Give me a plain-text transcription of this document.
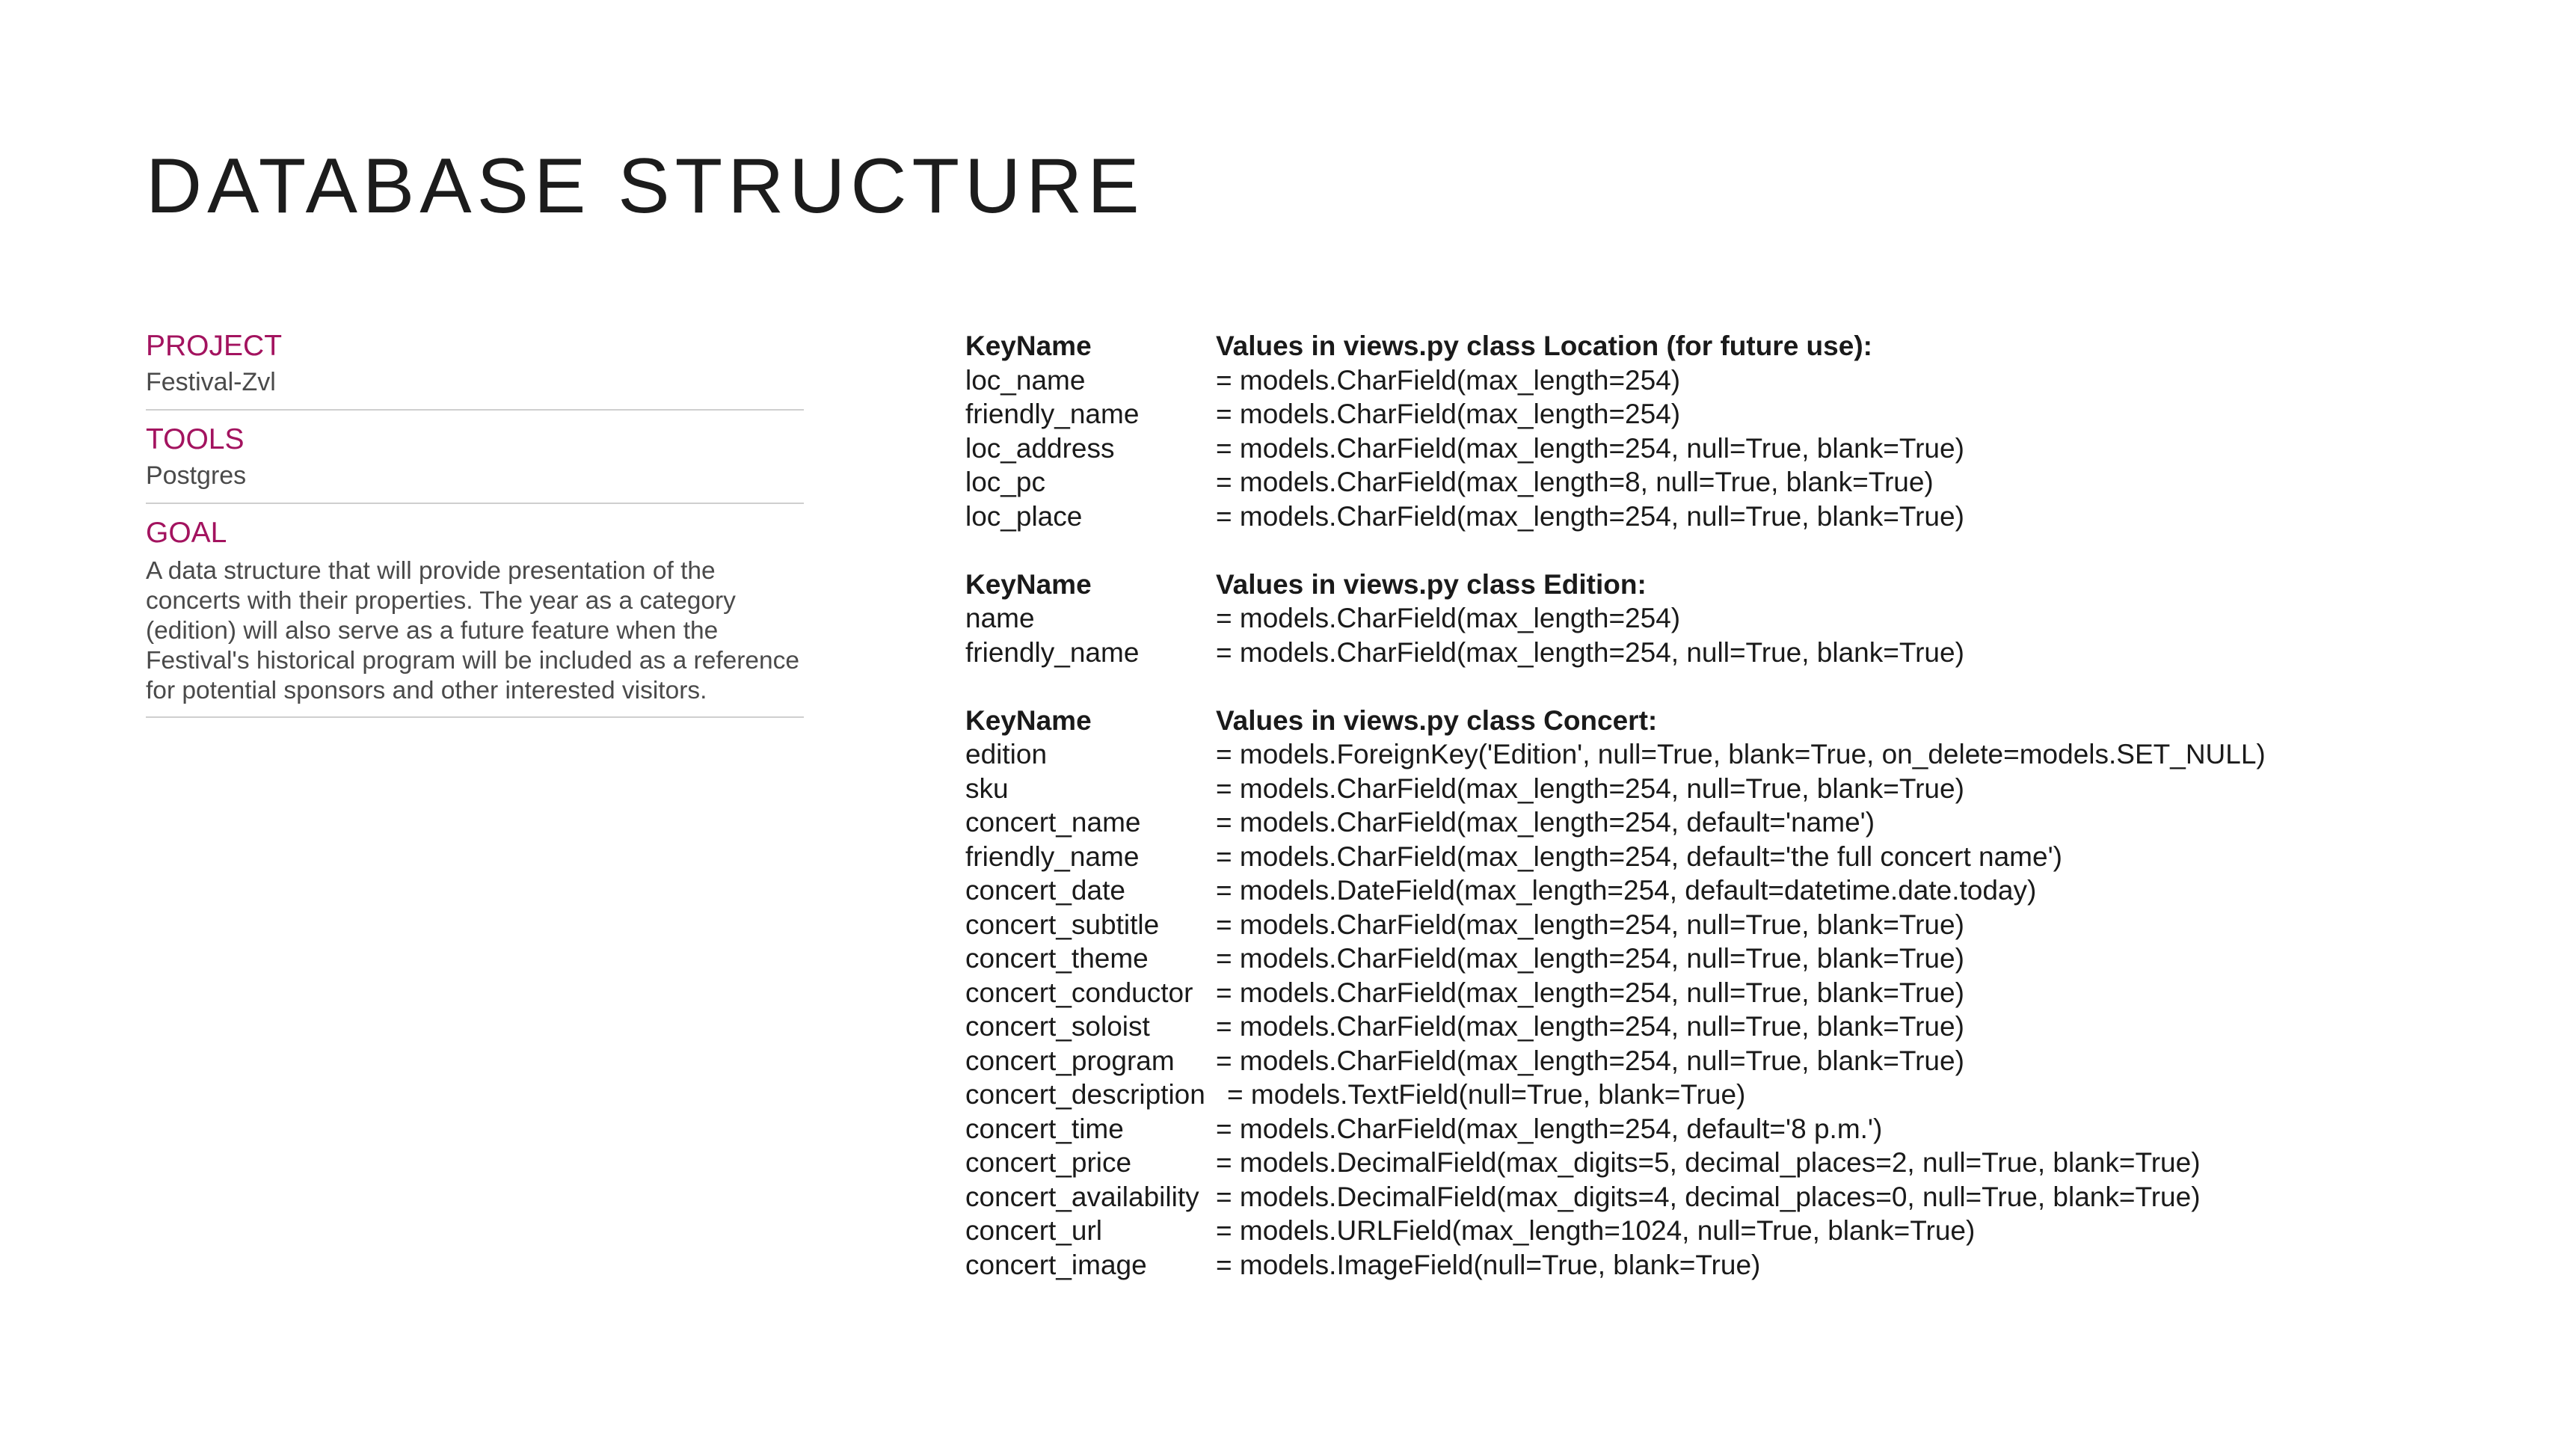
DATABASE STRUCTURE
PROJECT
Festival-Zvl
TOOLS
Postgres
GOAL
A data structure that will provide presentation of the concerts with their properties. The year as a category (edition) will also serve as a future feature when the Festival's historical program will be included as a reference for potential sponsors and other interested visitors.
KeyName	Values in views.py class Location (for future use):
loc_name	= models.CharField(max_length=254)
friendly_name	= models.CharField(max_length=254)
loc_address	= models.CharField(max_length=254, null=True, blank=True)
loc_pc	= models.CharField(max_length=8, null=True, blank=True)
loc_place	= models.CharField(max_length=254, null=True, blank=True)
KeyName	Values in views.py class Edition:
name	= models.CharField(max_length=254)
friendly_name	= models.CharField(max_length=254, null=True, blank=True)
KeyName	Values in views.py class Concert:
edition	= models.ForeignKey('Edition', null=True, blank=True, on_delete=models.SET_NULL)
sku	= models.CharField(max_length=254, null=True, blank=True)
concert_name	= models.CharField(max_length=254, default='name')
friendly_name	= models.CharField(max_length=254, default='the full concert name')
concert_date	= models.DateField(max_length=254, default=datetime.date.today)
concert_subtitle = models.CharField(max_length=254, null=True, blank=True)
concert_theme = models.CharField(max_length=254, null=True, blank=True)
concert_conductor = models.CharField(max_length=254, null=True, blank=True)
concert_soloist = models.CharField(max_length=254, null=True, blank=True)
concert_program = models.CharField(max_length=254, null=True, blank=True)
concert_description = models.TextField(null=True, blank=True)
concert_time	= models.CharField(max_length=254, default='8 p.m.')
concert_price	= models.DecimalField(max_digits=5, decimal_places=2, null=True, blank=True)
concert_availability = models.DecimalField(max_digits=4, decimal_places=0, null=True, blank=True)
concert_url	= models.URLField(max_length=1024, null=True, blank=True)
concert_image = models.ImageField(null=True, blank=True)
